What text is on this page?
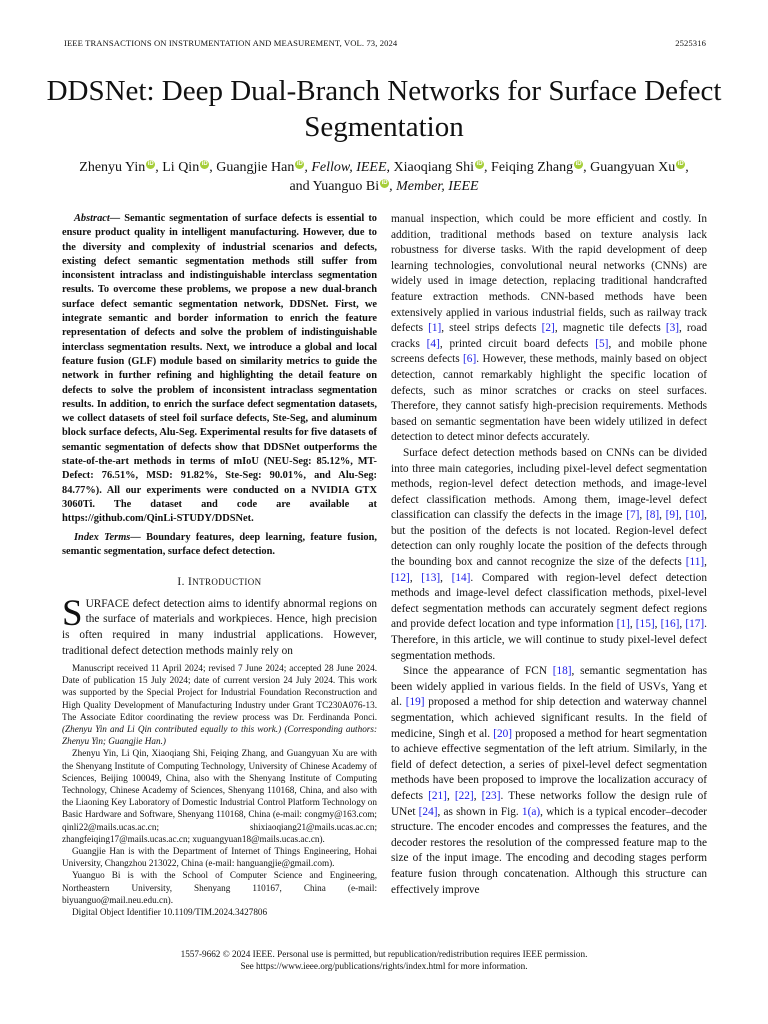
IEEE TRANSACTIONS ON INSTRUMENTATION AND MEASUREMENT, VOL. 73, 2024	2525316
DDSNet: Deep Dual-Branch Networks for Surface Defect Segmentation
Zhenyu Yin iD , Li Qin iD , Guangjie Han iD , Fellow, IEEE, Xiaoqiang Shi iD , Feiqing Zhang iD , Guangyuan Xu iD ,
and Yuanguo Bi iD , Member, IEEE

Abstract— Semantic segmentation of surface defects is essential to ensure product quality in intelligent manufacturing. However, due to the diversity and complexity of industrial scenarios and defects, existing defect semantic segmentation methods still suffer from inconsistent intraclass and indistinguishable interclass segmentation results. To overcome these problems, we propose a new dual-branch surface defect semantic segmentation network, DDSNet. First, we integrate semantic and border information to enrich the feature representation of defects and solve the problem of indistinguishable interclass segmentation results. Next, we introduce a global and local feature fusion (GLF) module based on similarity metrics to guide the network in further refining and highlighting the detail feature on defects to solve the problem of inconsistent intraclass segmentation results. In addition, to enrich the surface defect segmentation datasets, we collect datasets of steel foil surface defects, Ste-Seg, and aluminum block surface defects, Alu-Seg. Experimental results for five datasets of semantic segmentation of defects show that DDSNet outperforms the state-of-the-art methods in terms of mIoU (NEU-Seg: 85.12%, MT-Defect: 76.51%, MSD: 91.82%, Ste-Seg: 90.01%, and Alu-Seg: 84.77%). All our experiments were conducted on a NVIDIA GTX 3060Ti. The dataset and code are available at https://github.com/QinLi-STUDY/DDSNet.

Index Terms— Boundary features, deep learning, feature fusion, semantic segmentation, surface defect detection.

I. INTRODUCTION

SURFACE defect detection aims to identify abnormal regions on the surface of materials and workpieces. Hence, high precision is often required in many industrial applications. However, traditional defect detection methods mainly rely on

Manuscript received 11 April 2024; revised 7 June 2024; accepted 28 June 2024. Date of publication 15 July 2024; date of current version 24 July 2024. This work was supported by the Special Project for Industrial Foundation Reconstruction and High Quality Development of Manufacturing Industry under Grant TC230A076-13. The Associate Editor coordinating the review process was Dr. Ferdinanda Ponci. (Zhenyu Yin and Li Qin contributed equally to this work.) (Corresponding authors: Zhenyu Yin; Guangjie Han.)

Zhenyu Yin, Li Qin, Xiaoqiang Shi, Feiqing Zhang, and Guangyuan Xu are with the Shenyang Institute of Computing Technology, University of Chinese Academy of Sciences, Beijing 100049, China, also with the Shenyang Institute of Computing Technology, Chinese Academy of Sciences, Shenyang 110168, China, and also with the Liaoning Key Laboratory of Domestic Industrial Control Platform Technology on Basic Hardware and Software, Shenyang 110168, China (e-mail: congmy@163.com; qinli22@mails.ucas.ac.cn; shixiaoqiang21@mails.ucas.ac.cn; zhangfeiqing17@mails.ucas.ac.cn; xuguangyuan18@mails.ucas.ac.cn).

Guangjie Han is with the Department of Internet of Things Engineering, Hohai University, Changzhou 213022, China (e-mail: hanguangjie@gmail.com).

Yuanguo Bi is with the School of Computer Science and Engineering, Northeastern University, Shenyang 110167, China (e-mail: biyuanguo@mail.neu.edu.cn).

Digital Object Identifier 10.1109/TIM.2024.3427806

manual inspection, which could be more efficient and costly. In addition, traditional methods based on texture analysis lack robustness for diverse tasks. With the rapid development of deep learning technologies, convolutional neural networks (CNNs) are widely used in image detection, replacing traditional handcrafted feature extraction methods. CNN-based methods have been extensively applied in various industrial fields, such as railway track defects [1], steel strips defects [2], magnetic tile defects [3], road cracks [4], printed circuit board defects [5], and mobile phone screens defects [6]. However, these methods, mainly based on object detection, cannot remarkably highlight the specific location of defects, such as minor scratches or cracks on steel surfaces. Therefore, they cannot satisfy high-precision requirements. Methods based on semantic segmentation have been widely utilized in defect detection to detect minor defects accurately.

Surface defect detection methods based on CNNs can be divided into three main categories, including pixel-level defect segmentation methods, region-level defect detection methods, and image-level defect classification methods. Among them, image-level defect classification can classify the defects in the image [7], [8], [9], [10], but the position of the defects is not located. Region-level defect detection can only roughly locate the position of the defects through the bounding box and cannot recognize the size of the defects [11], [12], [13], [14]. Compared with region-level defect detection methods and image-level defect classification methods, pixel-level defect segmentation methods can accurately segment defect regions and provide defect location and type information [1], [15], [16], [17]. Therefore, in this article, we will continue to study pixel-level defect segmentation methods.

Since the appearance of FCN [18], semantic segmentation has been widely applied in various fields. In the field of USVs, Yang et al. [19] proposed a method for ship detection and waterway channel segmentation, which achieved significant results. In the field of medicine, Singh et al. [20] proposed a method for heart segmentation to achieve effective segmentation of the left atrium. Similarly, in the field of defect detection, a series of pixel-level defect segmentation methods have been proposed to improve the localization accuracy of defects [21], [22], [23]. These networks follow the design rule of UNet [24], as shown in Fig. 1(a), which is a typical encoder–decoder structure. The encoder encodes and compresses the features, and the decoder restores the resolution of the compressed feature map to the size of the input image. The encoding and decoding stages perform feature fusion through concatenation. Although this structure can effectively improve

1557-9662 © 2024 IEEE. Personal use is permitted, but republication/redistribution requires IEEE permission.
See https://www.ieee.org/publications/rights/index.html for more information.
